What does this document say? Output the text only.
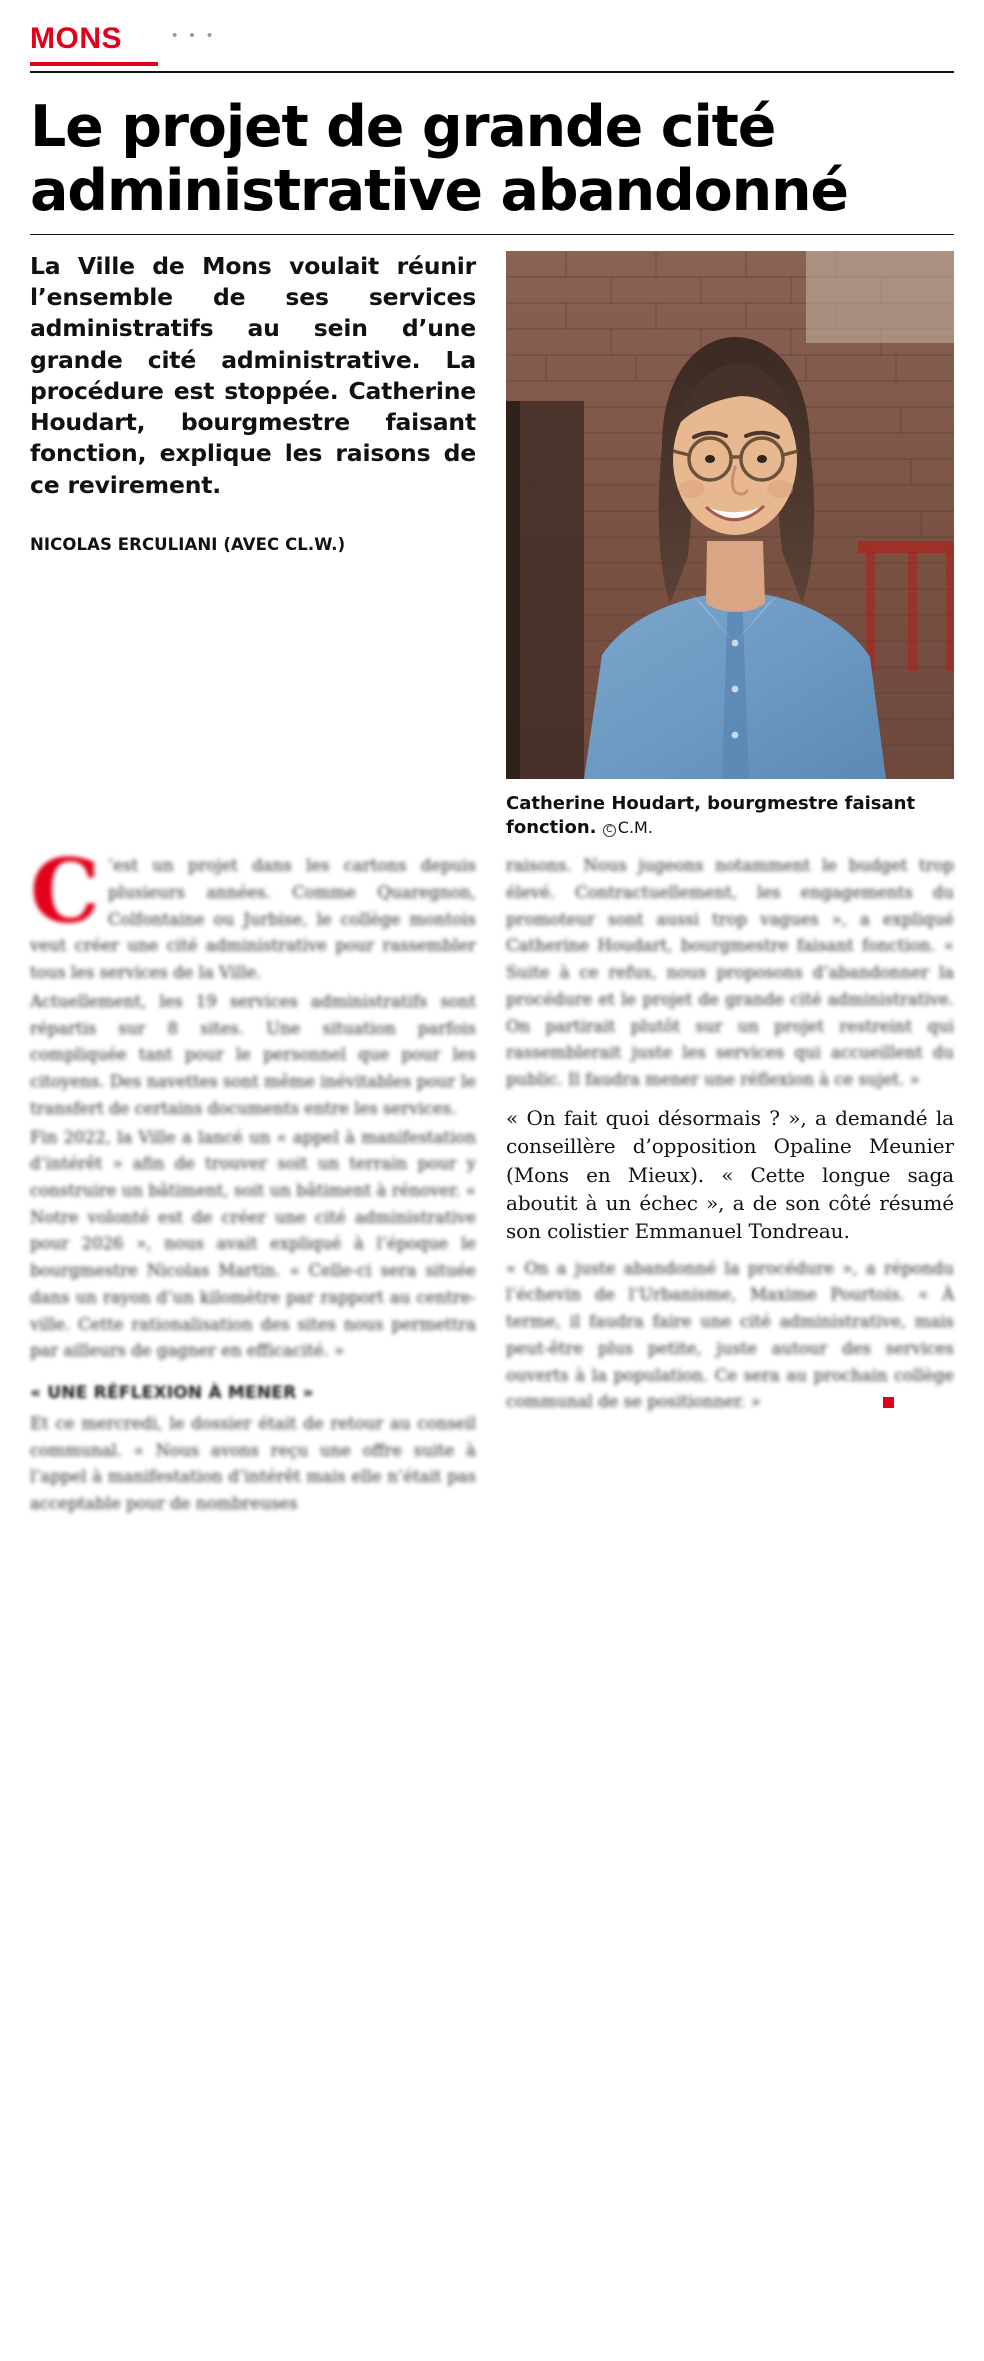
MONS	• • •
Le projet de grande cité administrative abandonné

La Ville de Mons voulait réunir l’ensemble de ses services administratifs au sein d’une grande cité administrative. La procédure est stoppée. Catherine Houdart, bourgmestre faisant fonction, explique les raisons de ce revirement.

NICOLAS ERCULIANI (AVEC CL.W.)
Catherine Houdart, bourgmestre faisant fonction. C C.M.

C ’est un projet dans les cartons depuis plusieurs années. Comme Quaregnon, Colfontaine ou Jurbise, le collège montois veut créer une cité administrative pour rassembler tous les services de la Ville.

Actuellement, les 19 services administratifs sont répartis sur 8 sites. Une situation parfois compliquée tant pour le personnel que pour les citoyens. Des navettes sont même inévitables pour le transfert de certains documents entre les services.

Fin 2022, la Ville a lancé un « appel à manifestation d’intérêt » afin de trouver soit un terrain pour y construire un bâtiment, soit un bâtiment à rénover. « Notre volonté est de créer une cité administrative pour 2026 », nous avait expliqué à l’époque le bourgmestre Nicolas Martin. « Celle-ci sera située dans un rayon d’un kilomètre par rapport au centre-ville. Cette rationalisation des sites nous permettra par ailleurs de gagner en efficacité. »

« UNE RÉFLEXION À MENER »

Et ce mercredi, le dossier était de retour au conseil communal. « Nous avons reçu une offre suite à l’appel à manifestation d’intérêt mais elle n’était pas acceptable pour de nombreuses

raisons. Nous jugeons notamment le budget trop élevé. Contractuellement, les engagements du promoteur sont aussi trop vagues », a expliqué Catherine Houdart, bourgmestre faisant fonction. « Suite à ce refus, nous proposons d’abandonner la procédure et le projet de grande cité administrative. On partirait plutôt sur un projet restreint qui rassemblerait juste les services qui accueillent du public. Il faudra mener une réflexion à ce sujet. »

« On fait quoi désormais ? », a demandé la conseillère d’opposition Opaline Meunier (Mons en Mieux). « Cette longue saga aboutit à un échec », a de son côté résumé son colistier Emmanuel Tondreau.

« On a juste abandonné la procédure », a répondu l’échevin de l’Urbanisme, Maxime Pourtois. « À terme, il faudra faire une cité administrative, mais peut-être plus petite, juste autour des services ouverts à la population. Ce sera au prochain collège communal de se positionner. »
